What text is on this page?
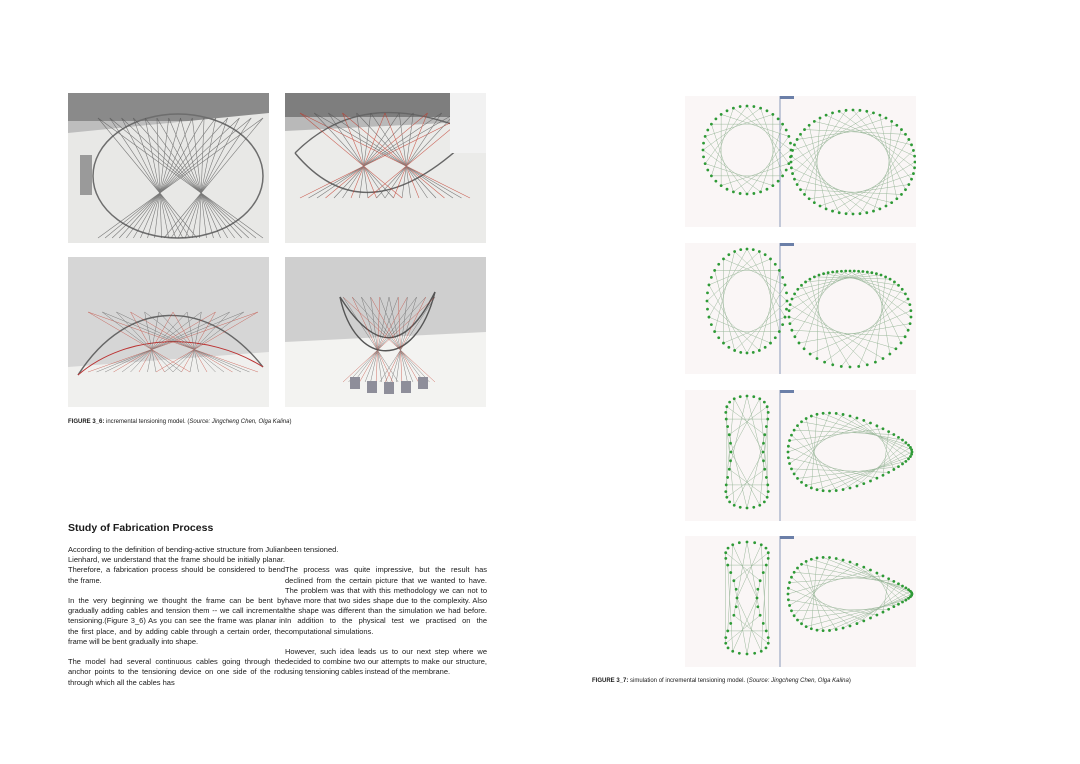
FIGURE 3_6: incremental tensioning model. (Source: Jingcheng Chen, Olga Kalina)
Study of Fabrication Process

According to the definition of bending-active structure from Julian Lienhard, we understand that the frame should be initially planar. Therefore, a fabrication process should be considered to bend the frame.

In the very beginning we thought the frame can be bent by gradually adding cables and tension them -- we call incremental tensioning.(Figure 3_6) As you can see the frame was planar in the first place, and by adding cable through a certain order, the frame will be bent gradually into shape.

The model had several continuous cables going through the anchor points to the tensioning device on one side of the rod through which all the cables has

been tensioned.

The process was quite impressive, but the result has declined from the certain picture that we wanted to have. The problem was that with this methodology we can not to have more that two sides shape due to the complexity. Also the shape was different than the simulation we had before. In addition to the physical test we practised on the computational simulations.

However, such idea leads us to our next step where we decided to combine two our attempts to make our structure, using tensioning cables instead of the membrane.

FIGURE 3_7: simulation of incremental tensioning model. (Source: Jingcheng Chen, Olga Kalina)
